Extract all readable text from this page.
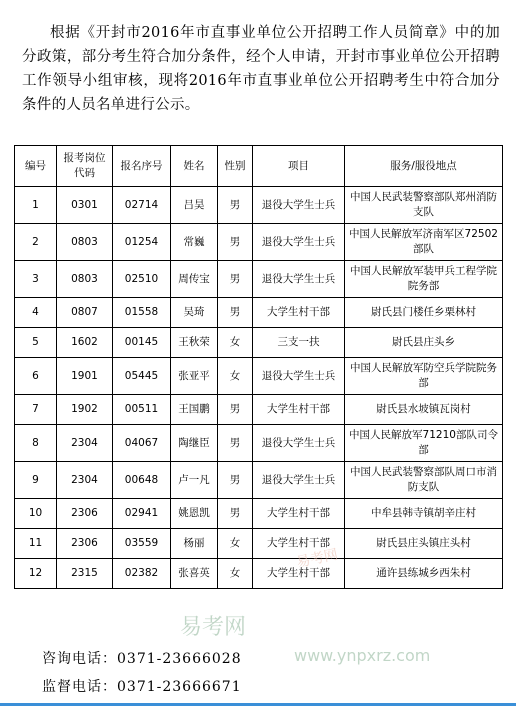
根据《开封市2016年市直事业单位公开招聘工作人员简章》中的加分政策，部分考生符合加分条件，经个人申请，开封市事业单位公开招聘工作领导小组审核，现将2016年市直事业单位公开招聘考生中符合加分条件的人员名单进行公示。

编号	报考岗位代码	报名序号	姓名	性别	项目	服务/服役地点
1	0301	02714	吕昊	男	退役大学生士兵	中国人民武装警察部队郑州消防支队
2	0803	01254	常巍	男	退役大学生士兵	中国人民解放军济南军区72502部队
3	0803	02510	周传宝	男	退役大学生士兵	中国人民解放军装甲兵工程学院院务部
4	0807	01558	吴琦	男	大学生村干部	尉氏县门楼任乡栗林村
5	1602	00145	王秋荣	女	三支一扶	尉氏县庄头乡
6	1901	05445	张亚平	女	退役大学生士兵	中国人民解放军防空兵学院院务部
7	1902	00511	王国鹏	男	大学生村干部	尉氏县水坡镇瓦岗村
8	2304	04067	陶继臣	男	退役大学生士兵	中国人民解放军71210部队司令部
9	2304	00648	卢一凡	男	退役大学生士兵	中国人民武装警察部队周口市消防支队
10	2306	02941	姚恩凯	男	大学生村干部	中牟县韩寺镇胡辛庄村
11	2306	03559	杨丽	女	大学生村干部	尉氏县庄头镇庄头村
12	2315	02382	张喜英	女	大学生村干部	通许县练城乡西朱村
咨询电话：0371-23666028
监督电话：0371-23666671
易考网
易考网
www.ynpxrz.com
